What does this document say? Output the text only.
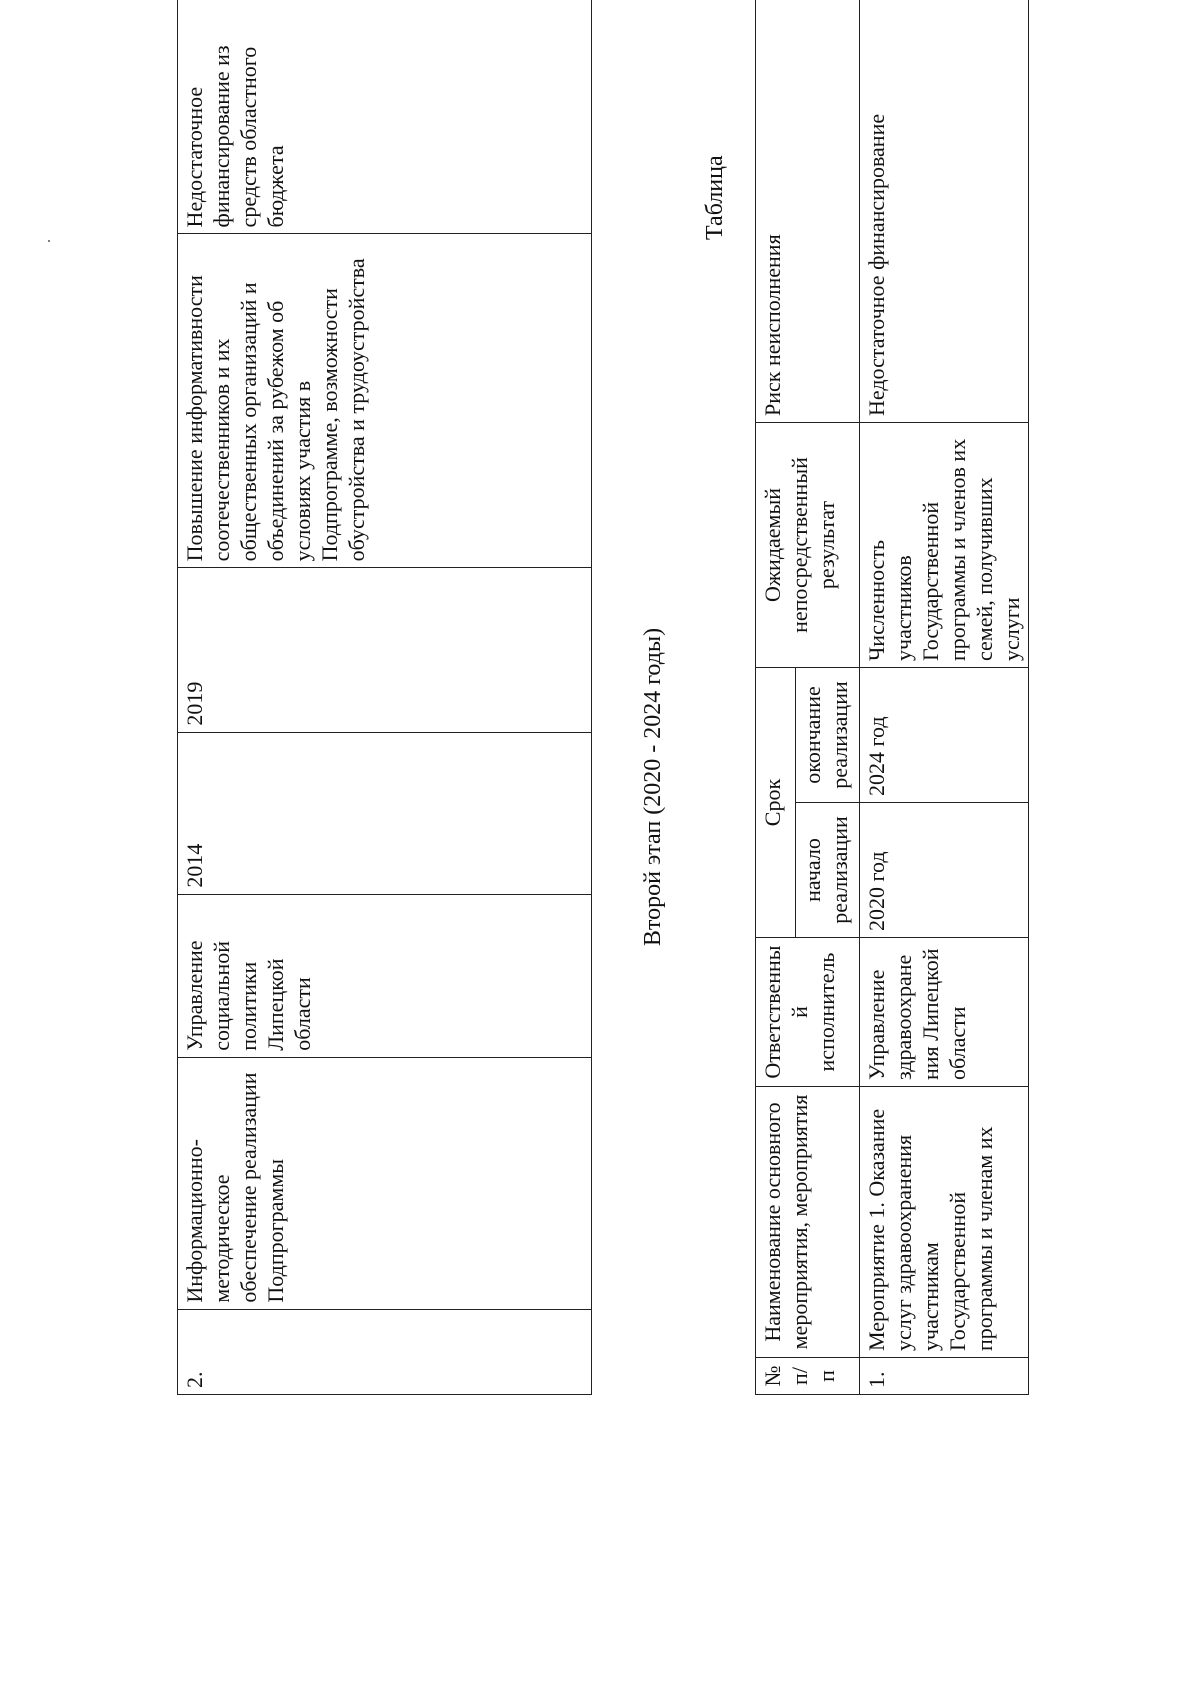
2.	Информационно-методическое обеспечение реализации Подпрограммы	Управление социальной политики Липецкой области	2014	2019	Повышение информативности соотечественников и их общественных организаций и объединений за рубежом об условиях участия в Подпрограмме, возможности обустройства и трудоустройства	Недостаточное финансирование из средств областного бюджета
Второй этап (2020 - 2024 годы)
Таблица
№ п/п	Наименование основного мероприятия, мероприятия	Ответственный исполнитель	Срок		Ожидаемый непосредственный результат	Риск неисполнения
			начало реализации	окончание реализации		
1.	Мероприятие 1. Оказание услуг здравоохранения участникам Государственной программы и членам их	Управление здравоохранения Липецкой области	2020 год	2024 год	Численность участников Государственной программы и членов их семей, получивших услуги	Недостаточное финансирование
